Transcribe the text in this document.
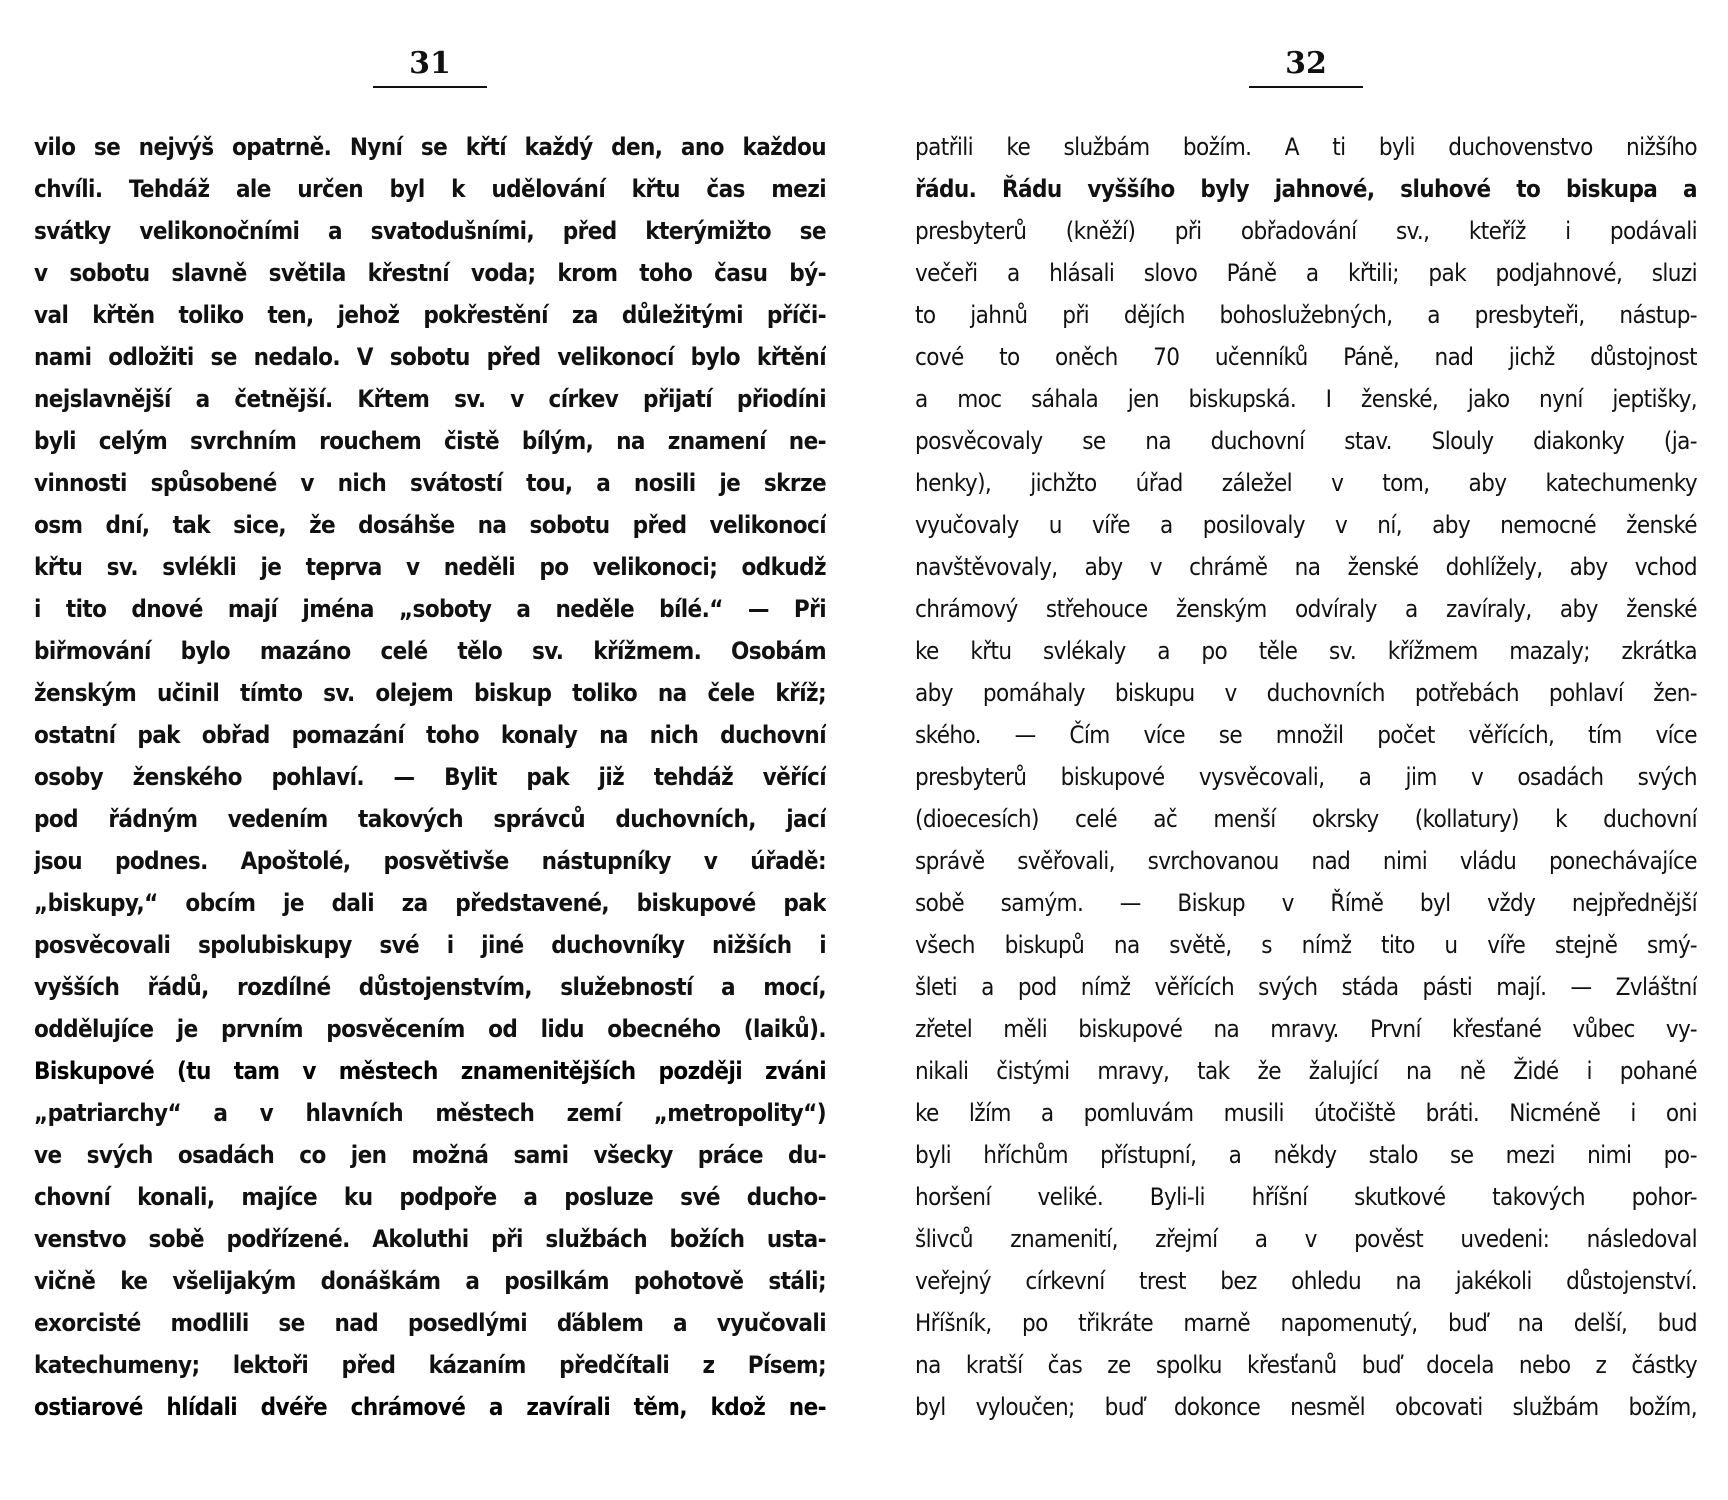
31
vilo se nejvýš opatrně. Nyní se křtí každý den, ano každou
chvíli. Tehdáž ale určen byl k udělování křtu čas mezi
svátky velikonočními a svatodušními, před kterýmižto se
v sobotu slavně světila křestní voda; krom toho času bý-
val křtěn toliko ten, jehož pokřestění za důležitými příči-
nami odložiti se nedalo. V sobotu před velikonocí bylo křtění
nejslavnější a četnější. Křtem sv. v církev přijatí přiodíni
byli celým svrchním rouchem čistě bílým, na znamení ne-
vinnosti spůsobené v nich svátostí tou, a nosili je skrze
osm dní, tak sice, že dosáhše na sobotu před velikonocí
křtu sv. svlékli je teprva v neděli po velikonoci; odkudž
i tito dnové mají jména „soboty a neděle bílé.“ — Při
biřmování bylo mazáno celé tělo sv. křížmem. Osobám
ženským učinil tímto sv. olejem biskup toliko na čele kříž;
ostatní pak obřad pomazání toho konaly na nich duchovní
osoby ženského pohlaví. — Bylit pak již tehdáž věřící
pod řádným vedením takových správců duchovních, jací
jsou podnes. Apoštolé, posvětivše nástupníky v úřadě:
„biskupy,“ obcím je dali za představené, biskupové pak
posvěcovali spolubiskupy své i jiné duchovníky nižších i
vyšších řádů, rozdílné důstojenstvím, služebností a mocí,
oddělujíce je prvním posvěcením od lidu obecného (laiků).
Biskupové (tu tam v městech znamenitějších později zváni
„patriarchy“ a v hlavních městech zemí „metropolity“)
ve svých osadách co jen možná sami všecky práce du-
chovní konali, majíce ku podpoře a posluze své ducho-
venstvo sobě podřízené. Akoluthi při službách božích usta-
vičně ke všelijakým donáškám a posilkám pohotově stáli;
exorcisté modlili se nad posedlými ďáblem a vyučovali
katechumeny; lektoři před kázaním předčítali z Písem;
ostiarové hlídali dvéře chrámové a zavírali těm, kdož ne-
32
patřili ke službám božím. A ti byli duchovenstvo nižšího
řádu. Řádu vyššího byly jahnové, sluhové to biskupa a
presbyterů (kněží) při obřadování sv., kteříž i podávali
večeři a hlásali slovo Páně a křtili; pak podjahnové, sluzi
to jahnů při dějích bohoslužebných, a presbyteři, nástup-
cové to oněch 70 učenníků Páně, nad jichž důstojnost
a moc sáhala jen biskupská. I ženské, jako nyní jeptišky,
posvěcovaly se na duchovní stav. Slouly diakonky (ja-
henky), jichžto úřad záležel v tom, aby katechumenky
vyučovaly u víře a posilovaly v ní, aby nemocné ženské
navštěvovaly, aby v chrámě na ženské dohlížely, aby vchod
chrámový střehouce ženským odvíraly a zavíraly, aby ženské
ke křtu svlékaly a po těle sv. křížmem mazaly; zkrátka
aby pomáhaly biskupu v duchovních potřebách pohlaví žen-
ského. — Čím více se množil počet věřících, tím více
presbyterů biskupové vysvěcovali, a jim v osadách svých
(dioecesích) celé ač menší okrsky (kollatury) k duchovní
správě svěřovali, svrchovanou nad nimi vládu ponechávajíce
sobě samým. — Biskup v Římě byl vždy nejpřednější
všech biskupů na světě, s nímž tito u víře stejně smý-
šleti a pod nímž věřících svých stáda pásti mají. — Zvláštní
zřetel měli biskupové na mravy. První křesťané vůbec vy-
nikali čistými mravy, tak že žalující na ně Židé i pohané
ke lžím a pomluvám musili útočiště bráti. Nicméně i oni
byli hříchům přístupní, a někdy stalo se mezi nimi po-
horšení veliké. Byli-li hříšní skutkové takových pohor-
šlivců znamenití, zřejmí a v pověst uvedeni: následoval
veřejný církevní trest bez ohledu na jakékoli důstojenství.
Hříšník, po třikráte marně napomenutý, buď na delší, buď
na kratší čas ze spolku křesťanů buď docela nebo z částky
byl vyloučen; buď dokonce nesměl obcovati službám božím,
